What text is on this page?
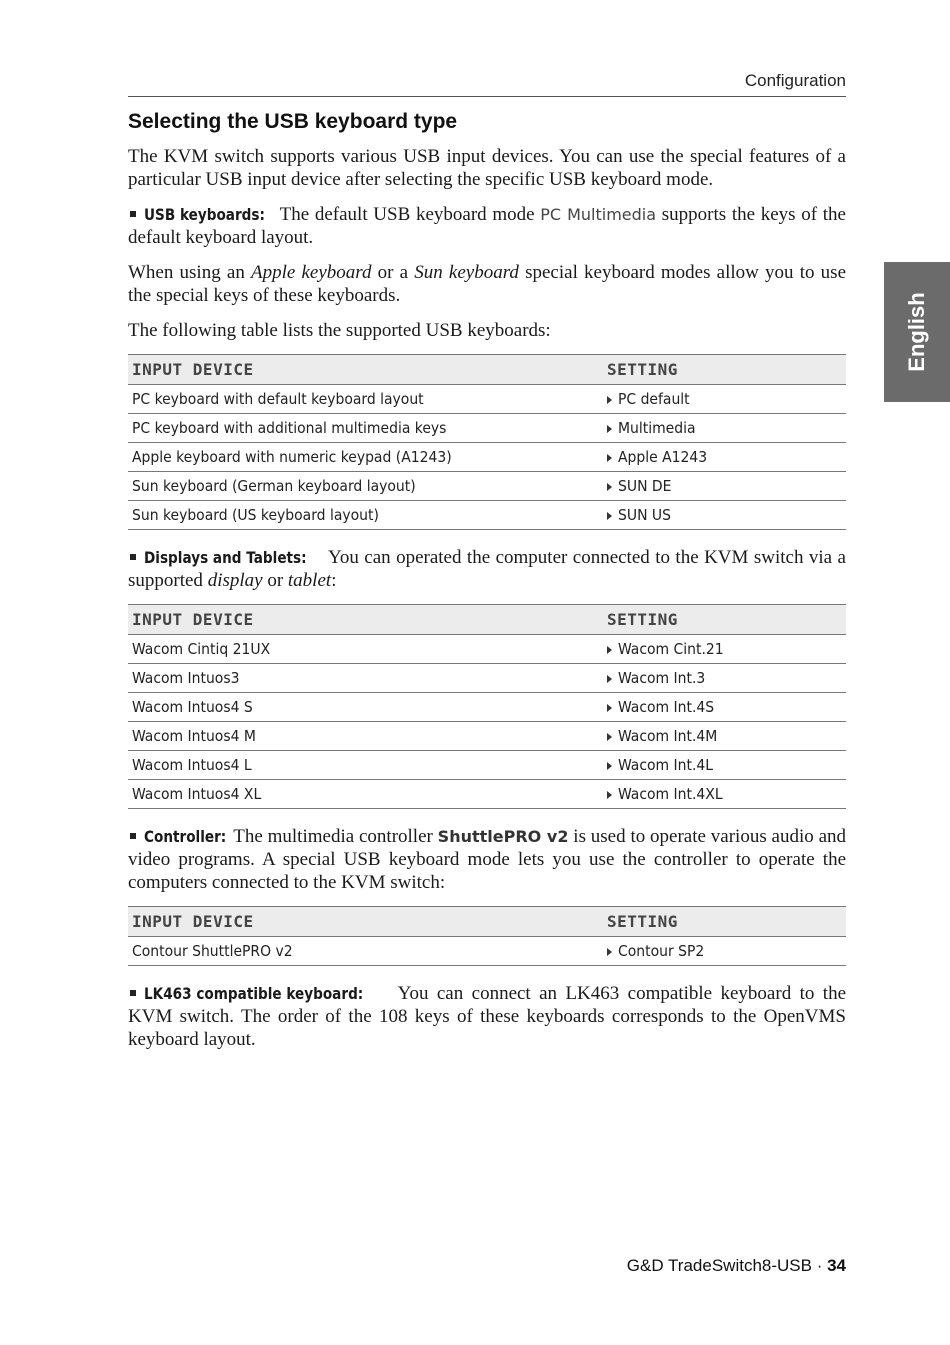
Configuration
English
Selecting the USB keyboard type

The KVM switch supports various USB input devices. You can use the special features of a particular USB input device after selecting the specific USB keyboard mode.

USB keyboards: The default USB keyboard mode PC Multimedia supports the keys of the default keyboard layout.

When using an Apple keyboard or a Sun keyboard special keyboard modes allow you to use the special keys of these keyboards.

The following table lists the supported USB keyboards:

INPUT DEVICE	SETTING
PC keyboard with default keyboard layout	PC default
PC keyboard with additional multimedia keys	Multimedia
Apple keyboard with numeric keypad (A1243)	Apple A1243
Sun keyboard (German keyboard layout)	SUN DE
Sun keyboard (US keyboard layout)	SUN US

Displays and Tablets: You can operated the computer connected to the KVM switch via a supported display or tablet:

INPUT DEVICE	SETTING
Wacom Cintiq 21UX	Wacom Cint.21
Wacom Intuos3	Wacom Int.3
Wacom Intuos4 S	Wacom Int.4S
Wacom Intuos4 M	Wacom Int.4M
Wacom Intuos4 L	Wacom Int.4L
Wacom Intuos4 XL	Wacom Int.4XL

Controller: The multimedia controller ShuttlePRO v2 is used to operate various audio and video programs. A special USB keyboard mode lets you use the controller to operate the computers connected to the KVM switch:

INPUT DEVICE	SETTING
Contour ShuttlePRO v2	Contour SP2

LK463 compatible keyboard: You can connect an LK463 compatible keyboard to the KVM switch. The order of the 108 keys of these keyboards corresponds to the OpenVMS keyboard layout.

G&D TradeSwitch8-USB · 34
